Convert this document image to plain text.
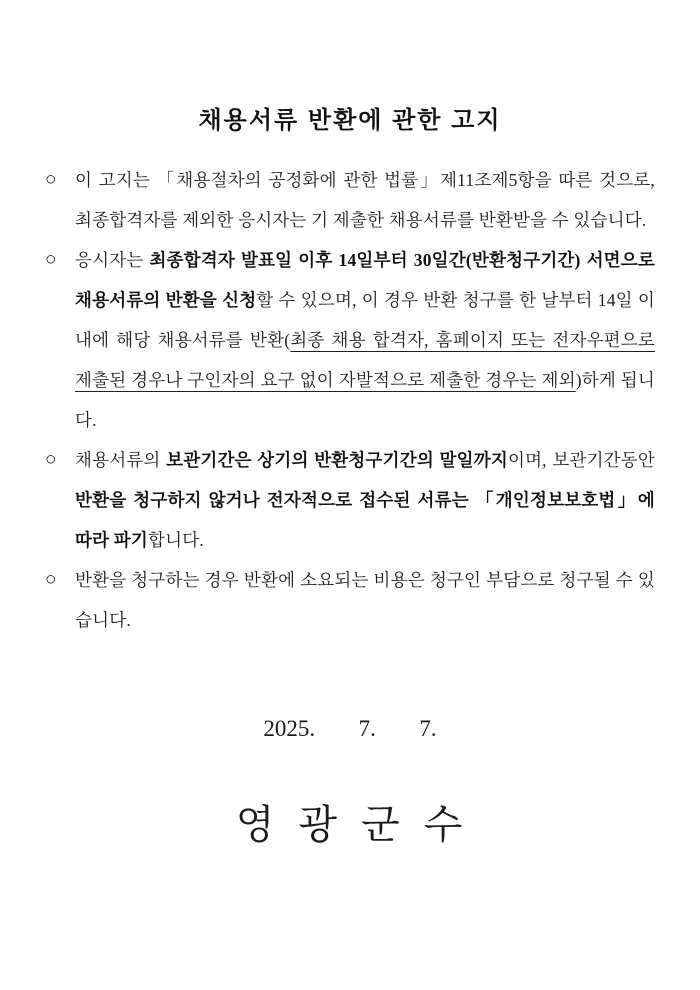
채용서류 반환에 관한 고지
○	이 고지는 「채용절차의 공정화에 관한 법률」제11조제5항을 따른 것으로, 최종합격자를 제외한 응시자는 기 제출한 채용서류를 반환받을 수 있습니다.

○	응시자는 최종합격자 발표일 이후 14일부터 30일간(반환청구기간) 서면으로 채용서류의 반환을 신청할 수 있으며, 이 경우 반환 청구를 한 날부터 14일 이내에 해당 채용서류를 반환(최종 채용 합격자, 홈페이지 또는 전자우편으로 제출된 경우나 구인자의 요구 없이 자발적으로 제출한 경우는 제외)하게 됩니다.

○	채용서류의 보관기간은 상기의 반환청구기간의 말일까지이며, 보관기간동안 반환을 청구하지 않거나 전자적으로 접수된 서류는 「개인정보보호법」에 따라 파기합니다.

○	반환을 청구하는 경우 반환에 소요되는 비용은 청구인 부담으로 청구될 수 있습니다.

2025.  7.  7.
영 광 군 수
